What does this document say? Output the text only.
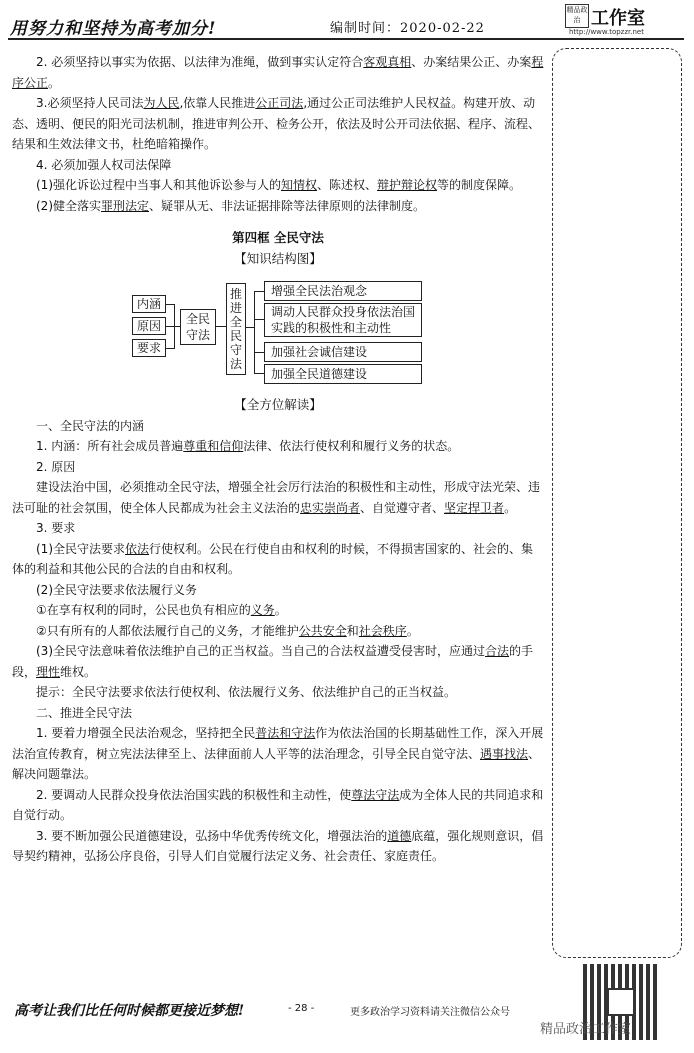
用努力和坚持为高考加分!	编制时间：2020-02-22
精品政治 工作室
http://www.topzzr.net

2. 必须坚持以事实为依据、以法律为准绳，做到事实认定符合客观真相、办案结果公正、办案程序公正。

3.必须坚持人民司法为人民,依靠人民推进公正司法,通过公正司法维护人民权益。构建开放、动态、透明、便民的阳光司法机制，推进审判公开、检务公开，依法及时公开司法依据、程序、流程、结果和生效法律文书，杜绝暗箱操作。

4. 必须加强人权司法保障

(1)强化诉讼过程中当事人和其他诉讼参与人的知情权、陈述权、辩护辩论权等的制度保障。

(2)健全落实罪刑法定、疑罪从无、非法证据排除等法律原则的法律制度。

第四框 全民守法

【知识结构图】

内涵
原因
要求
全民守法
推进全民守法
增强全民法治观念
调动人民群众投身依法治国实践的积极性和主动性
加强社会诚信建设
加强全民道德建设

【全方位解读】

一、全民守法的内涵

1. 内涵：所有社会成员普遍尊重和信仰法律、依法行使权利和履行义务的状态。

2. 原因

建设法治中国，必须推动全民守法，增强全社会厉行法治的积极性和主动性，形成守法光荣、违法可耻的社会氛围，使全体人民都成为社会主义法治的忠实崇尚者、自觉遵守者、坚定捍卫者。

3. 要求

(1)全民守法要求依法行使权利。公民在行使自由和权利的时候，不得损害国家的、社会的、集体的利益和其他公民的合法的自由和权利。

(2)全民守法要求依法履行义务

①在享有权利的同时，公民也负有相应的义务。

②只有所有的人都依法履行自己的义务，才能维护公共安全和社会秩序。

(3)全民守法意味着依法维护自己的正当权益。当自己的合法权益遭受侵害时，应通过合法的手段，理性维权。

提示：全民守法要求依法行使权利、依法履行义务、依法维护自己的正当权益。

二、推进全民守法

1. 要着力增强全民法治观念，坚持把全民普法和守法作为依法治国的长期基础性工作，深入开展法治宣传教育，树立宪法法律至上、法律面前人人平等的法治理念，引导全民自觉守法、遇事找法、解决问题靠法。

2. 要调动人民群众投身依法治国实践的积极性和主动性，使尊法守法成为全体人民的共同追求和自觉行动。

3. 要不断加强公民道德建设，弘扬中华优秀传统文化，增强法治的道德底蕴，强化规则意识，倡导契约精神，弘扬公序良俗，引导人们自觉履行法定义务、社会责任、家庭责任。

高考让我们比任何时候都更接近梦想!	- 28 -	更多政治学习资料请关注微信公众号
精品政治工作室
